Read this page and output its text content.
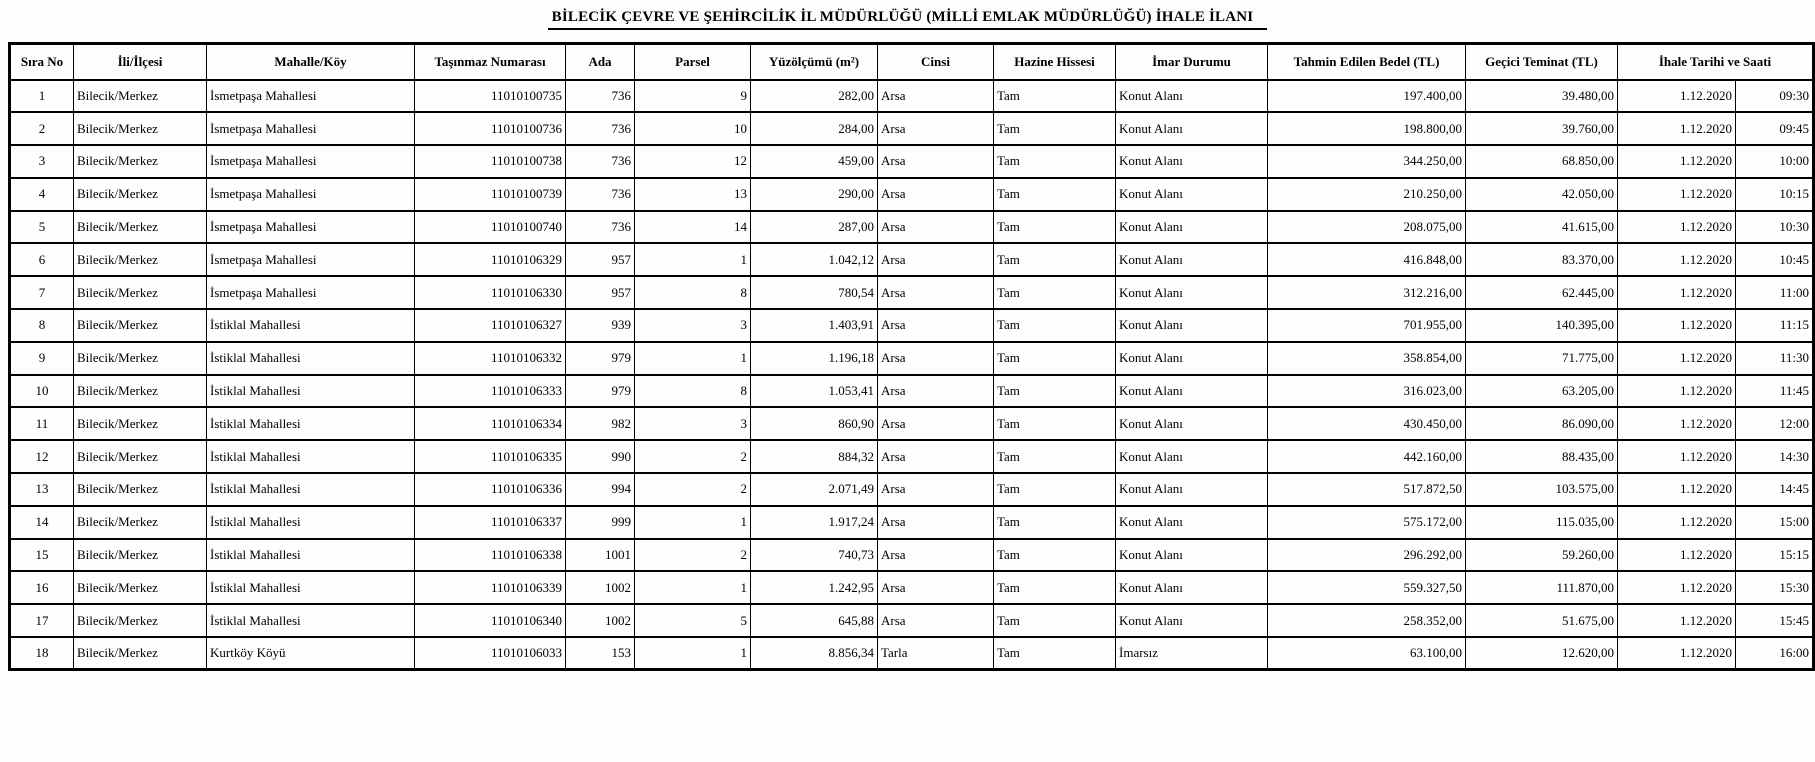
BİLECİK ÇEVRE VE ŞEHİRCİLİK İL MÜDÜRLÜĞÜ (MİLLİ EMLAK MÜDÜRLÜĞÜ) İHALE İLANI
Sıra No	İli/İlçesi	Mahalle/Köy	Taşınmaz Numarası	Ada	Parsel	Yüzölçümü (m²)	Cinsi	Hazine Hissesi	İmar Durumu	Tahmin Edilen Bedel (TL)	Geçici Teminat (TL)	İhale Tarihi ve Saati	
1	Bilecik/Merkez	İsmetpaşa Mahallesi	11010100735	736	9	282,00	Arsa	Tam	Konut Alanı	197.400,00	39.480,00	1.12.2020	09:30
2	Bilecik/Merkez	İsmetpaşa Mahallesi	11010100736	736	10	284,00	Arsa	Tam	Konut Alanı	198.800,00	39.760,00	1.12.2020	09:45
3	Bilecik/Merkez	İsmetpaşa Mahallesi	11010100738	736	12	459,00	Arsa	Tam	Konut Alanı	344.250,00	68.850,00	1.12.2020	10:00
4	Bilecik/Merkez	İsmetpaşa Mahallesi	11010100739	736	13	290,00	Arsa	Tam	Konut Alanı	210.250,00	42.050,00	1.12.2020	10:15
5	Bilecik/Merkez	İsmetpaşa Mahallesi	11010100740	736	14	287,00	Arsa	Tam	Konut Alanı	208.075,00	41.615,00	1.12.2020	10:30
6	Bilecik/Merkez	İsmetpaşa Mahallesi	11010106329	957	1	1.042,12	Arsa	Tam	Konut Alanı	416.848,00	83.370,00	1.12.2020	10:45
7	Bilecik/Merkez	İsmetpaşa Mahallesi	11010106330	957	8	780,54	Arsa	Tam	Konut Alanı	312.216,00	62.445,00	1.12.2020	11:00
8	Bilecik/Merkez	İstiklal Mahallesi	11010106327	939	3	1.403,91	Arsa	Tam	Konut Alanı	701.955,00	140.395,00	1.12.2020	11:15
9	Bilecik/Merkez	İstiklal Mahallesi	11010106332	979	1	1.196,18	Arsa	Tam	Konut Alanı	358.854,00	71.775,00	1.12.2020	11:30
10	Bilecik/Merkez	İstiklal Mahallesi	11010106333	979	8	1.053,41	Arsa	Tam	Konut Alanı	316.023,00	63.205,00	1.12.2020	11:45
11	Bilecik/Merkez	İstiklal Mahallesi	11010106334	982	3	860,90	Arsa	Tam	Konut Alanı	430.450,00	86.090,00	1.12.2020	12:00
12	Bilecik/Merkez	İstiklal Mahallesi	11010106335	990	2	884,32	Arsa	Tam	Konut Alanı	442.160,00	88.435,00	1.12.2020	14:30
13	Bilecik/Merkez	İstiklal Mahallesi	11010106336	994	2	2.071,49	Arsa	Tam	Konut Alanı	517.872,50	103.575,00	1.12.2020	14:45
14	Bilecik/Merkez	İstiklal Mahallesi	11010106337	999	1	1.917,24	Arsa	Tam	Konut Alanı	575.172,00	115.035,00	1.12.2020	15:00
15	Bilecik/Merkez	İstiklal Mahallesi	11010106338	1001	2	740,73	Arsa	Tam	Konut Alanı	296.292,00	59.260,00	1.12.2020	15:15
16	Bilecik/Merkez	İstiklal Mahallesi	11010106339	1002	1	1.242,95	Arsa	Tam	Konut Alanı	559.327,50	111.870,00	1.12.2020	15:30
17	Bilecik/Merkez	İstiklal Mahallesi	11010106340	1002	5	645,88	Arsa	Tam	Konut Alanı	258.352,00	51.675,00	1.12.2020	15:45
18	Bilecik/Merkez	Kurtköy Köyü	11010106033	153	1	8.856,34	Tarla	Tam	İmarsız	63.100,00	12.620,00	1.12.2020	16:00
